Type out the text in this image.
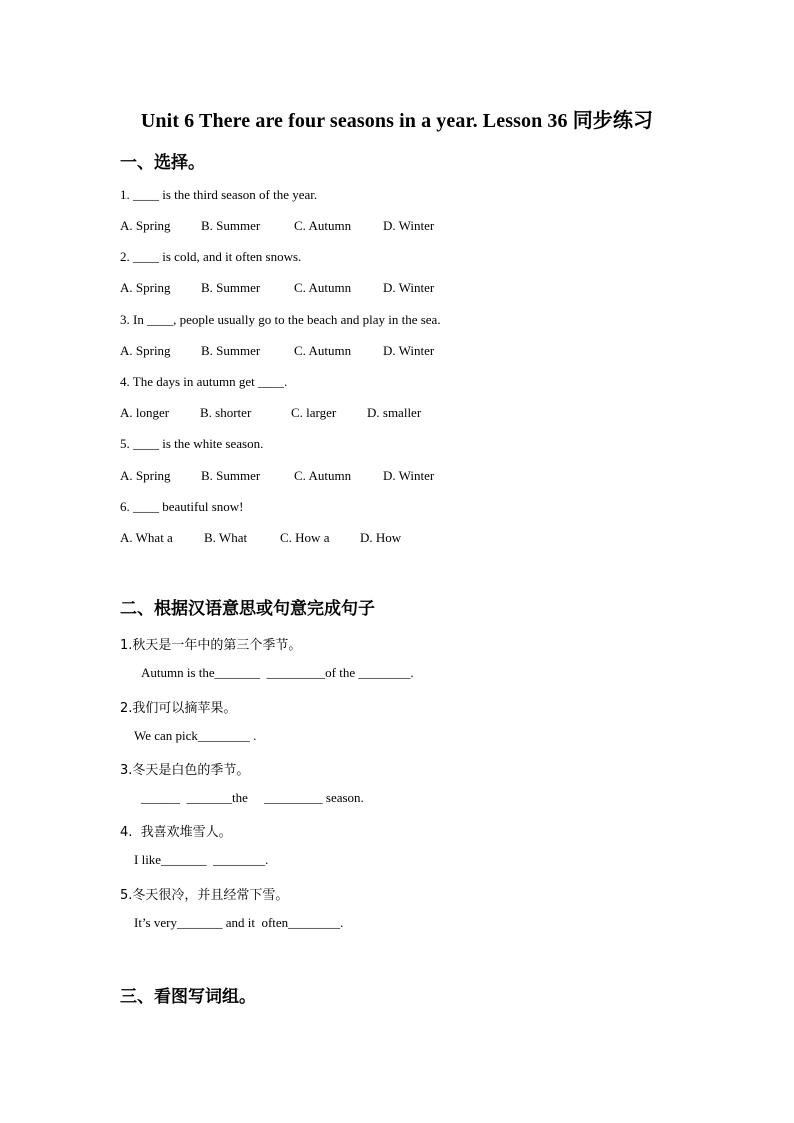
Unit 6 There are four seasons in a year. Lesson 36 同步练习
一、选择。
1. ____ is the third season of the year.
A. Spring B. Summer	C. Autumn D. Winter
2. ____ is cold, and it often snows.
A. Spring B. Summer	C. Autumn D. Winter
3. In ____, people usually go to the beach and play in the sea.
A. Spring B. Summer	C. Autumn D. Winter
4. The days in autumn get ____.
A. longer B. shorter	C. larger D. smaller
5. ____ is the white season.
A. Spring B. Summer	C. Autumn D. Winter
6. ____ beautiful snow!
A. What a B. What	C. How a D. How
二、根据汉语意思或句意完成句子
1.秋天是一年中的第三个季节。
Autumn is the_______  _________of the ________.
2.我们可以摘苹果。
We can pick________ .
3.冬天是白色的季节。
______  _______the     _________ season.
4.  我喜欢堆雪人。
I like_______  ________.
5.冬天很冷，并且经常下雪。
It’s very_______ and it  often________.
三、看图写词组。
